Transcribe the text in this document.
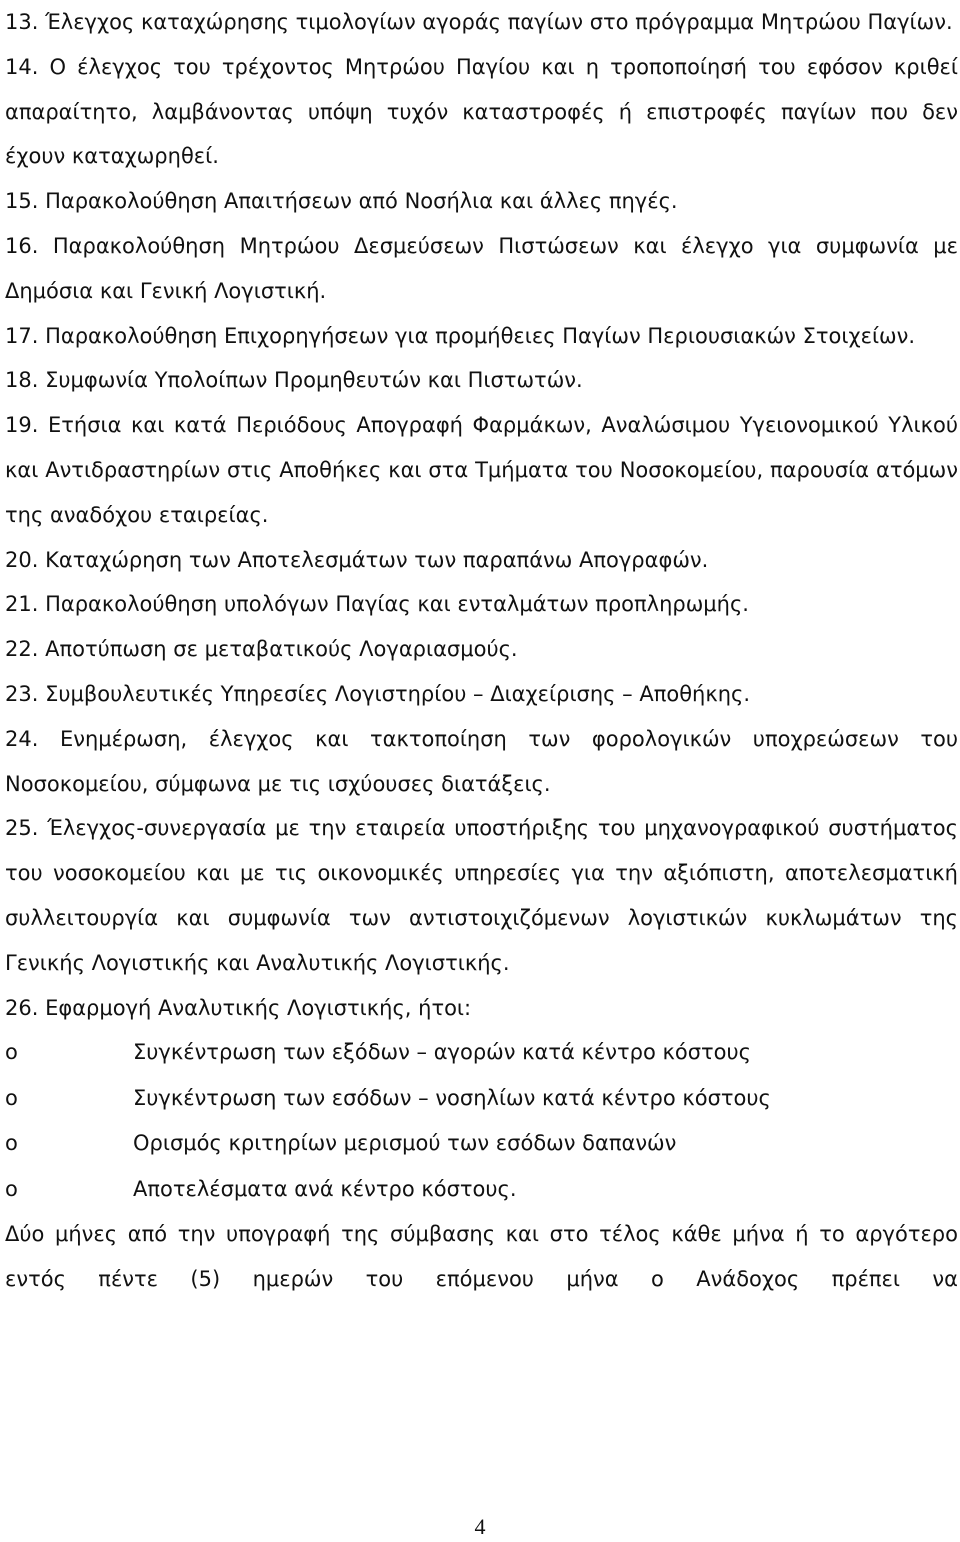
13. Έλεγχος καταχώρησης τιμολογίων αγοράς παγίων στο πρόγραμμα Μητρώου Παγίων.

14. Ο έλεγχος του τρέχοντος Μητρώου Παγίου και η τροποποίησή του εφόσον κριθεί απαραίτητο, λαμβάνοντας υπόψη τυχόν καταστροφές ή επιστροφές παγίων που δεν έχουν καταχωρηθεί.

15. Παρακολούθηση Απαιτήσεων από Νοσήλια και άλλες πηγές.

16. Παρακολούθηση Μητρώου Δεσμεύσεων Πιστώσεων και έλεγχο για συμφωνία με Δημόσια και Γενική Λογιστική.

17. Παρακολούθηση Επιχορηγήσεων για προμήθειες Παγίων Περιουσιακών Στοιχείων.

18. Συμφωνία Υπολοίπων Προμηθευτών και Πιστωτών.

19. Ετήσια και κατά Περιόδους Απογραφή Φαρμάκων, Αναλώσιμου Υγειονομικού Υλικού και Αντιδραστηρίων στις Αποθήκες και στα Τμήματα του Νοσοκομείου, παρουσία ατόμων της αναδόχου εταιρείας.

20. Καταχώρηση των Αποτελεσμάτων των παραπάνω Απογραφών.

21. Παρακολούθηση υπολόγων Παγίας και ενταλμάτων προπληρωμής.

22. Αποτύπωση σε μεταβατικούς Λογαριασμούς.

23. Συμβουλευτικές Υπηρεσίες Λογιστηρίου – Διαχείρισης – Αποθήκης.

24. Ενημέρωση, έλεγχος και τακτοποίηση των φορολογικών υποχρεώσεων του Νοσοκομείου, σύμφωνα με τις ισχύουσες διατάξεις.

25. Έλεγχος-συνεργασία με την εταιρεία υποστήριξης του μηχανογραφικού συστήματος του νοσοκομείου και με τις οικονομικές υπηρεσίες για την αξιόπιστη, αποτελεσματική συλλειτουργία και συμφωνία των αντιστοιχιζόμενων λογιστικών κυκλωμάτων της Γενικής Λογιστικής και Αναλυτικής Λογιστικής.

26. Εφαρμογή Αναλυτικής Λογιστικής, ήτοι:

o	Συγκέντρωση των εξόδων – αγορών κατά κέντρο κόστους
o	Συγκέντρωση των εσόδων – νοσηλίων κατά κέντρο κόστους
o	Ορισμός κριτηρίων μερισμού των εσόδων δαπανών
o	Αποτελέσματα ανά κέντρο κόστους.

Δύο μήνες από την υπογραφή της σύμβασης και στο τέλος κάθε μήνα ή το αργότερο εντός πέντε (5) ημερών του επόμενου μήνα ο Ανάδοχος πρέπει να

4
